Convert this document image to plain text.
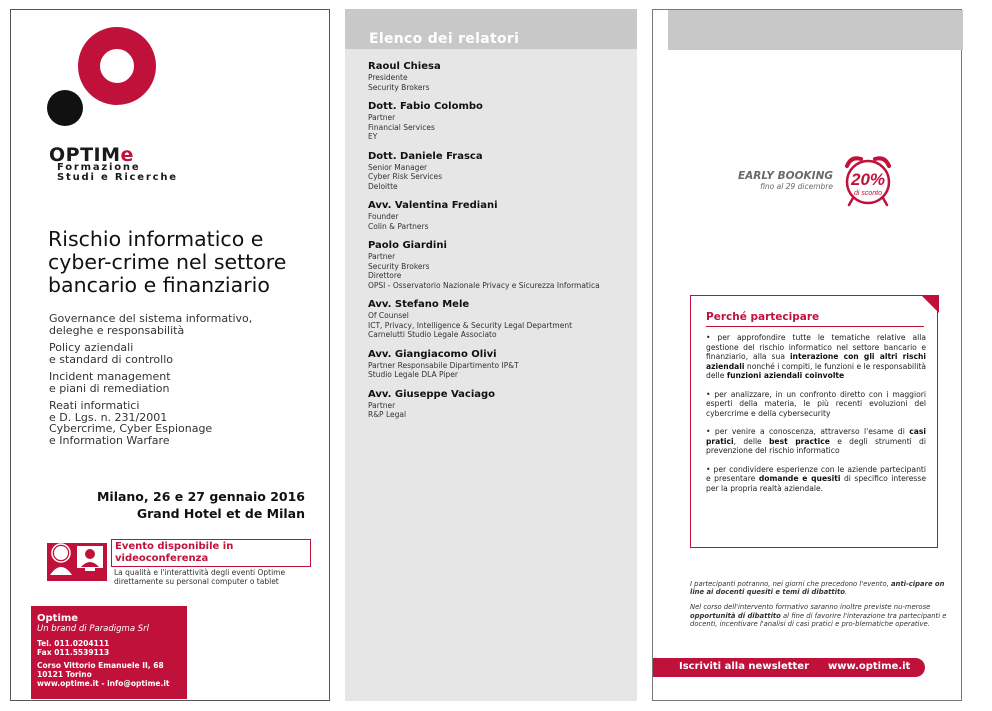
OPTIMe
Formazione
Studi e Ricerche
Rischio informatico e
cyber-crime nel settore
bancario e finanziario
Governance del sistema informativo,
deleghe e responsabilità
Policy aziendali
e standard di controllo
Incident management
e piani di remediation
Reati informatici
e D. Lgs. n. 231/2001
Cybercrime, Cyber Espionage
e Information Warfare
Milano, 26 e 27 gennaio 2016
Grand Hotel et de Milan
Evento disponibile in videoconferenza
La qualità e l'interattività degli eventi Optime
direttamente su personal computer o tablet
Optime
Un brand di Paradigma Srl
Tel. 011.0204111
Fax 011.5539113
Corso Vittorio Emanuele II, 68
10121 Torino
www.optime.it - info@optime.it
Elenco dei relatori
Raoul Chiesa
Presidente
Security Brokers
Dott. Fabio Colombo
Partner
Financial Services
EY
Dott. Daniele Frasca
Senior Manager
Cyber Risk Services
Deloitte
Avv. Valentina Frediani
Founder
Colin & Partners
Paolo Giardini
Partner
Security Brokers
Direttore
OPSI - Osservatorio Nazionale Privacy e Sicurezza Informatica
Avv. Stefano Mele
Of Counsel
ICT, Privacy, Intelligence & Security Legal Department
Carnelutti Studio Legale Associato
Avv. Giangiacomo Olivi
Partner Responsabile Dipartimento IP&T
Studio Legale DLA Piper
Avv. Giuseppe Vaciago
Partner
R&P Legal
EARLY BOOKING
fino al 29 dicembre 20%
di sconto
Perché partecipare

• per approfondire tutte le tematiche relative alla gestione del rischio informatico nel settore bancario e finanziario, alla sua interazione con gli altri rischi aziendali nonché i compiti, le funzioni e le responsabilità delle funzioni aziendali coinvolte

• per analizzare, in un confronto diretto con i maggiori esperti della materia, le più recenti evoluzioni del cybercrime e della cybersecurity

• per venire a conoscenza, attraverso l'esame di casi pratici, delle best practice e degli strumenti di prevenzione del rischio informatico

• per condividere esperienze con le aziende partecipanti e presentare domande e quesiti di specifico interesse per la propria realtà aziendale.

I partecipanti potranno, nei giorni che precedono l'evento, anti-cipare on line ai docenti quesiti e temi di dibattito.

Nel corso dell'intervento formativo saranno inoltre previste nu-merose opportunità di dibattito al fine di favorire l'interazione tra partecipanti e docenti, incentivare l'analisi di casi pratici e pro-blematiche operative.

Iscriviti alla newsletter www.optime.it
